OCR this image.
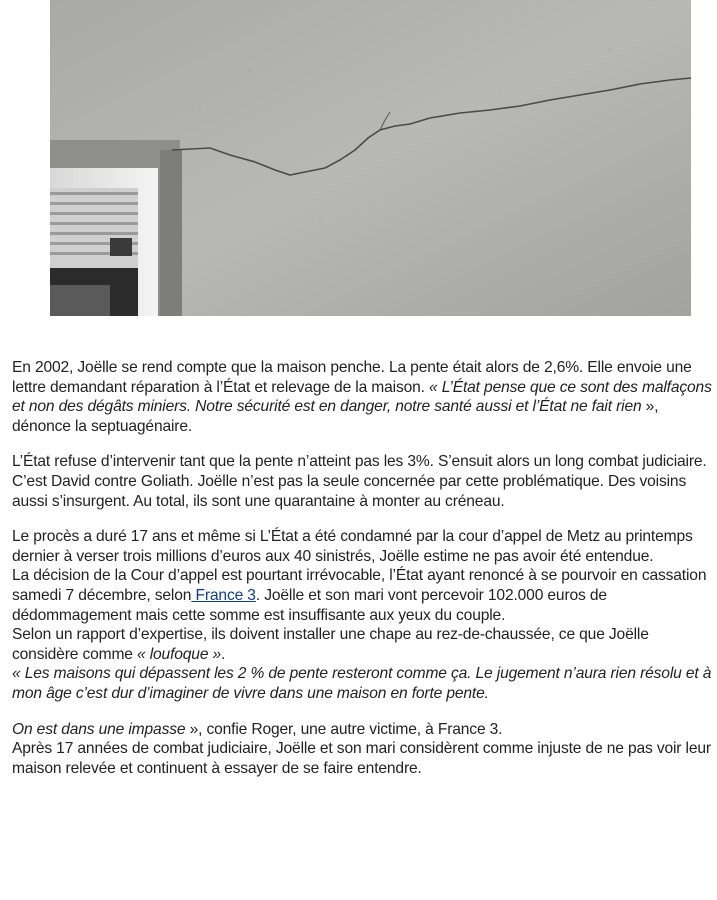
En 2002, Joëlle se rend compte que la maison penche. La pente était alors de 2,6%. Elle envoie une lettre demandant réparation à l’État et relevage de la maison. « L’État pense que ce sont des malfaçons et non des dégâts miniers. Notre sécurité est en danger, notre santé aussi et l’État ne fait rien », dénonce la septuagénaire.

L’État refuse d’intervenir tant que la pente n’atteint pas les 3%. S’ensuit alors un long combat judiciaire. C’est David contre Goliath. Joëlle n’est pas la seule concernée par cette problématique. Des voisins aussi s’insurgent. Au total, ils sont une quarantaine à monter au créneau.

Le procès a duré 17 ans et même si L’État a été condamné par la cour d’appel de Metz au printemps dernier à verser trois millions d’euros aux 40 sinistrés, Joëlle estime ne pas avoir été entendue.

La décision de la Cour d’appel est pourtant irrévocable, l’État ayant renoncé à se pourvoir en cassation samedi 7 décembre, selon France 3. Joëlle et son mari vont percevoir 102.000 euros de dédommagement mais cette somme est insuffisante aux yeux du couple.

Selon un rapport d’expertise, ils doivent installer une chape au rez-de-chaussée, ce que Joëlle considère comme « loufoque ».

« Les maisons qui dépassent les 2 % de pente resteront comme ça. Le jugement n’aura rien résolu et à mon âge c’est dur d’imaginer de vivre dans une maison en forte pente.

On est dans une impasse », confie Roger, une autre victime, à France 3.

Après 17 années de combat judiciaire, Joëlle et son mari considèrent comme injuste de ne pas voir leur maison relevée et continuent à essayer de se faire entendre.
